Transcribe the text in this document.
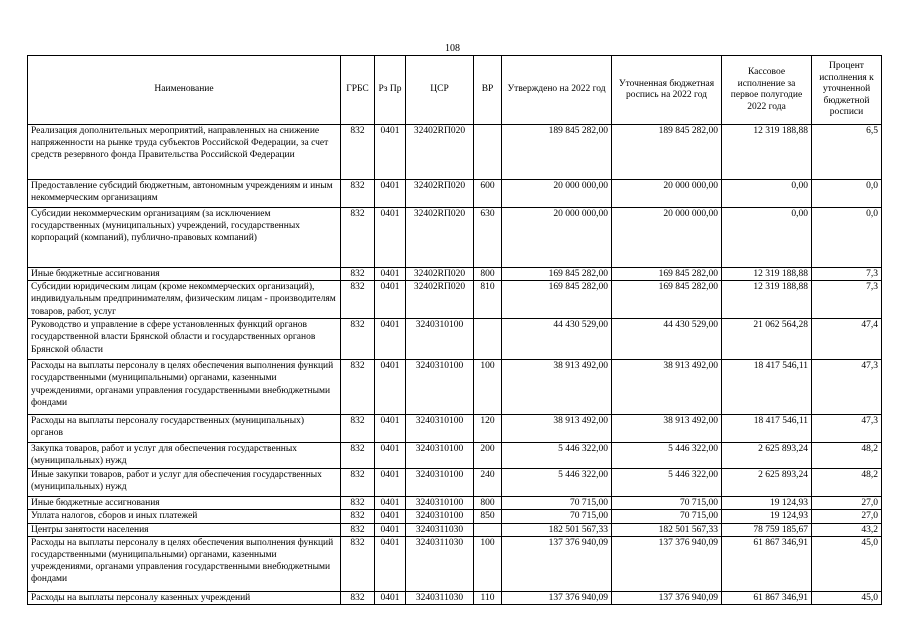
108
Наименование	ГРБС	Рз Пр	ЦСР	ВР	Утверждено на 2022 год	Уточненная бюджетная роспись на 2022 год	Кассовое исполнение за первое полугодие 2022 года	Процент исполнения к уточненной бюджетной росписи
Реализация дополнительных мероприятий, направленных на снижение напряженности на рынке труда субъектов Российской Федерации, за счет средств резервного фонда Правительства Российской Федерации	832	0401	32402RП020		189 845 282,00	189 845 282,00	12 319 188,88	6,5
Предоставление субсидий бюджетным, автономным учреждениям и иным некоммерческим организациям	832	0401	32402RП020	600	20 000 000,00	20 000 000,00	0,00	0,0
Субсидии некоммерческим организациям (за исключением государственных (муниципальных) учреждений, государственных корпораций (компаний), публично-правовых компаний)	832	0401	32402RП020	630	20 000 000,00	20 000 000,00	0,00	0,0
Иные бюджетные ассигнования	832	0401	32402RП020	800	169 845 282,00	169 845 282,00	12 319 188,88	7,3
Субсидии юридическим лицам (кроме некоммерческих организаций), индивидуальным предпринимателям, физическим лицам - производителям товаров, работ, услуг	832	0401	32402RП020	810	169 845 282,00	169 845 282,00	12 319 188,88	7,3
Руководство и управление в сфере установленных функций органов государственной власти Брянской области и государственных органов Брянской области	832	0401	3240310100		44 430 529,00	44 430 529,00	21 062 564,28	47,4
Расходы на выплаты персоналу в целях обеспечения выполнения функций государственными (муниципальными) органами, казенными учреждениями, органами управления государственными внебюджетными фондами	832	0401	3240310100	100	38 913 492,00	38 913 492,00	18 417 546,11	47,3
Расходы на выплаты персоналу государственных (муниципальных) органов	832	0401	3240310100	120	38 913 492,00	38 913 492,00	18 417 546,11	47,3
Закупка товаров, работ и услуг для обеспечения государственных (муниципальных) нужд	832	0401	3240310100	200	5 446 322,00	5 446 322,00	2 625 893,24	48,2
Иные закупки товаров, работ и услуг для обеспечения государственных (муниципальных) нужд	832	0401	3240310100	240	5 446 322,00	5 446 322,00	2 625 893,24	48,2
Иные бюджетные ассигнования	832	0401	3240310100	800	70 715,00	70 715,00	19 124,93	27,0
Уплата налогов, сборов и иных платежей	832	0401	3240310100	850	70 715,00	70 715,00	19 124,93	27,0
Центры занятости населения	832	0401	3240311030		182 501 567,33	182 501 567,33	78 759 185,67	43,2
Расходы на выплаты персоналу в целях обеспечения выполнения функций государственными (муниципальными) органами, казенными учреждениями, органами управления государственными внебюджетными фондами	832	0401	3240311030	100	137 376 940,09	137 376 940,09	61 867 346,91	45,0
Расходы на выплаты персоналу казенных учреждений	832	0401	3240311030	110	137 376 940,09	137 376 940,09	61 867 346,91	45,0
